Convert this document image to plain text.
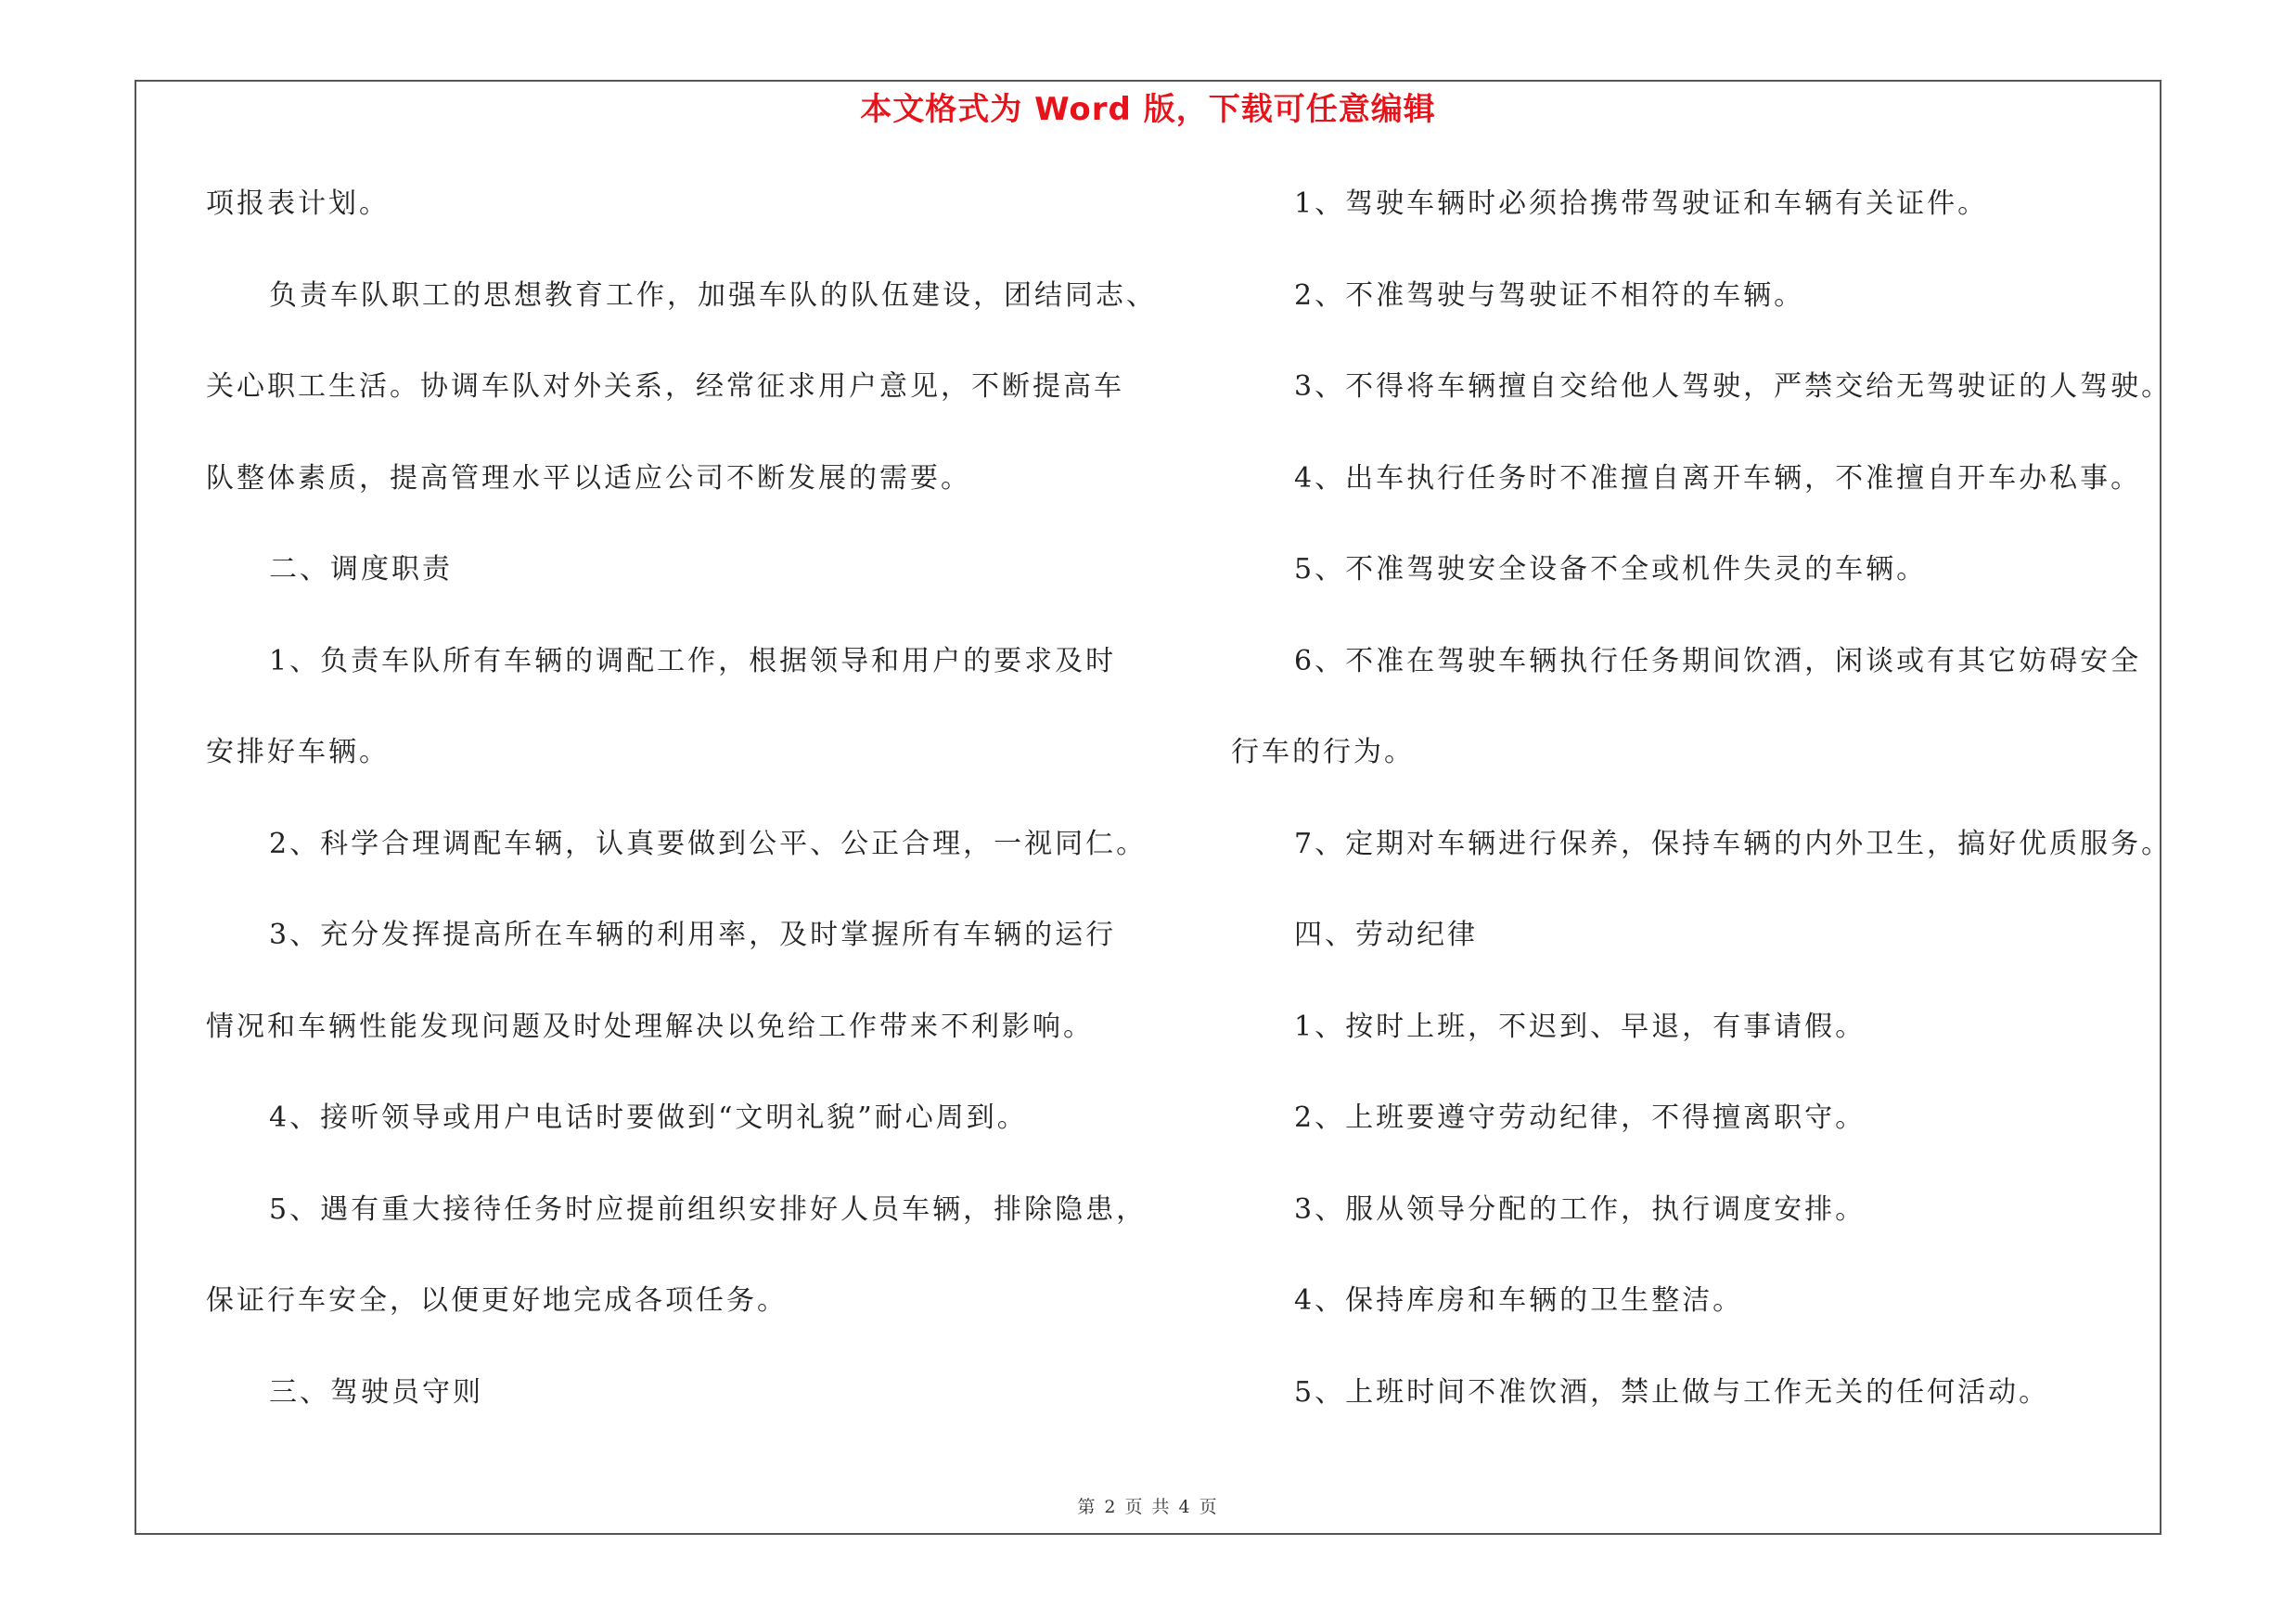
本文格式为 Word 版，下载可任意编辑
项报表计划。
负责车队职工的思想教育工作，加强车队的队伍建设，团结同志、
关心职工生活。协调车队对外关系，经常征求用户意见，不断提高车
队整体素质，提高管理水平以适应公司不断发展的需要。
二、调度职责
1、负责车队所有车辆的调配工作，根据领导和用户的要求及时
安排好车辆。
2、科学合理调配车辆，认真要做到公平、公正合理，一视同仁。
3、充分发挥提高所在车辆的利用率，及时掌握所有车辆的运行
情况和车辆性能发现问题及时处理解决以免给工作带来不利影响。
4、接听领导或用户电话时要做到“文明礼貌”耐心周到。
5、遇有重大接待任务时应提前组织安排好人员车辆，排除隐患，
保证行车安全，以便更好地完成各项任务。
三、驾驶员守则
1、驾驶车辆时必须拾携带驾驶证和车辆有关证件。
2、不准驾驶与驾驶证不相符的车辆。
3、不得将车辆擅自交给他人驾驶，严禁交给无驾驶证的人驾驶。
4、出车执行任务时不准擅自离开车辆，不准擅自开车办私事。
5、不准驾驶安全设备不全或机件失灵的车辆。
6、不准在驾驶车辆执行任务期间饮酒，闲谈或有其它妨碍安全
行车的行为。
7、定期对车辆进行保养，保持车辆的内外卫生，搞好优质服务。
四、劳动纪律
1、按时上班，不迟到、早退，有事请假。
2、上班要遵守劳动纪律，不得擅离职守。
3、服从领导分配的工作，执行调度安排。
4、保持库房和车辆的卫生整洁。
5、上班时间不准饮酒，禁止做与工作无关的任何活动。
第 2 页 共 4 页
